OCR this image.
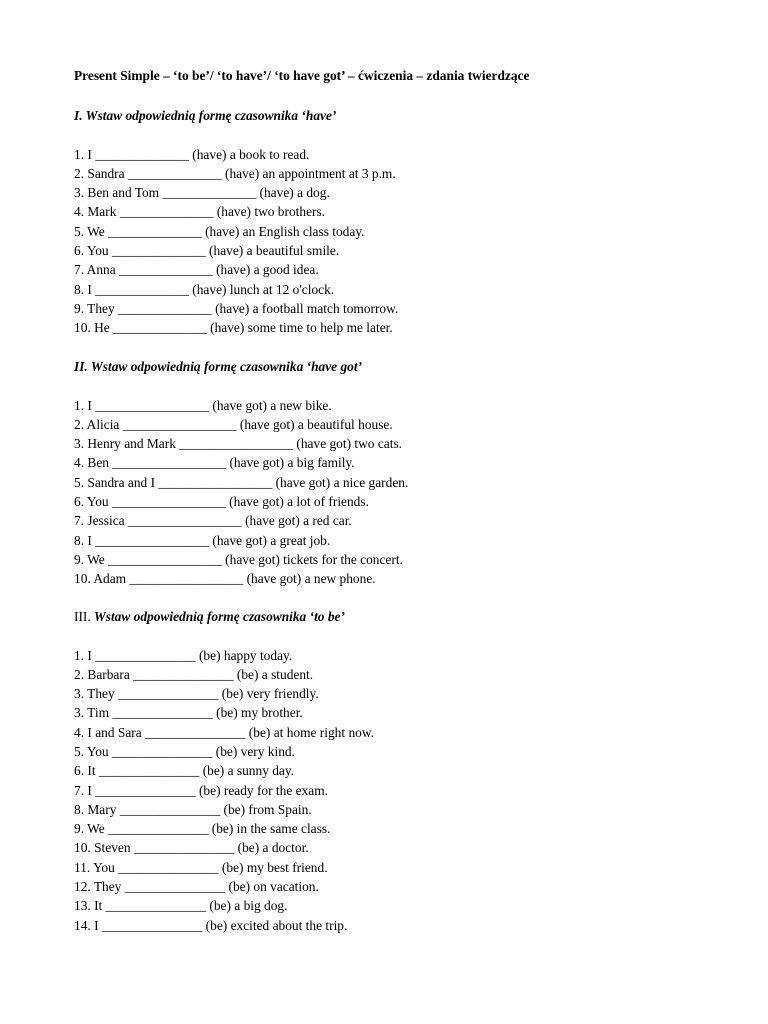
Present Simple – ‘to be’/ ‘to have’/ ‘to have got’ – ćwiczenia – zdania twierdzące
I. Wstaw odpowiednią formę czasownika ‘have’
1. I ______________ (have) a book to read.
2. Sandra ______________ (have) an appointment at 3 p.m.
3. Ben and Tom ______________ (have) a dog.
4. Mark ______________ (have) two brothers.
5. We ______________ (have) an English class today.
6. You ______________ (have) a beautiful smile.
7. Anna ______________ (have) a good idea.
8. I ______________ (have) lunch at 12 o'clock.
9. They ______________ (have) a football match tomorrow.
10. He ______________ (have) some time to help me later.
II. Wstaw odpowiednią formę czasownika ‘have got’
1. I _________________ (have got) a new bike.
2. Alicia _________________ (have got) a beautiful house.
3. Henry and Mark _________________ (have got) two cats.
4. Ben _________________ (have got) a big family.
5. Sandra and I _________________ (have got) a nice garden.
6. You _________________ (have got) a lot of friends.
7. Jessica _________________ (have got) a red car.
8. I _________________ (have got) a great job.
9. We _________________ (have got) tickets for the concert.
10. Adam _________________ (have got) a new phone.
III. Wstaw odpowiednią formę czasownika ‘to be’
1. I _______________ (be) happy today.
2. Barbara _______________ (be) a student.
3. They _______________ (be) very friendly.
3. Tim _______________ (be) my brother.
4. I and Sara _______________ (be) at home right now.
5. You _______________ (be) very kind.
6. It _______________ (be) a sunny day.
7. I _______________ (be) ready for the exam.
8. Mary _______________ (be) from Spain.
9. We _______________ (be) in the same class.
10. Steven _______________ (be) a doctor.
11. You _______________ (be) my best friend.
12. They _______________ (be) on vacation.
13. It _______________ (be) a big dog.
14. I _______________ (be) excited about the trip.
